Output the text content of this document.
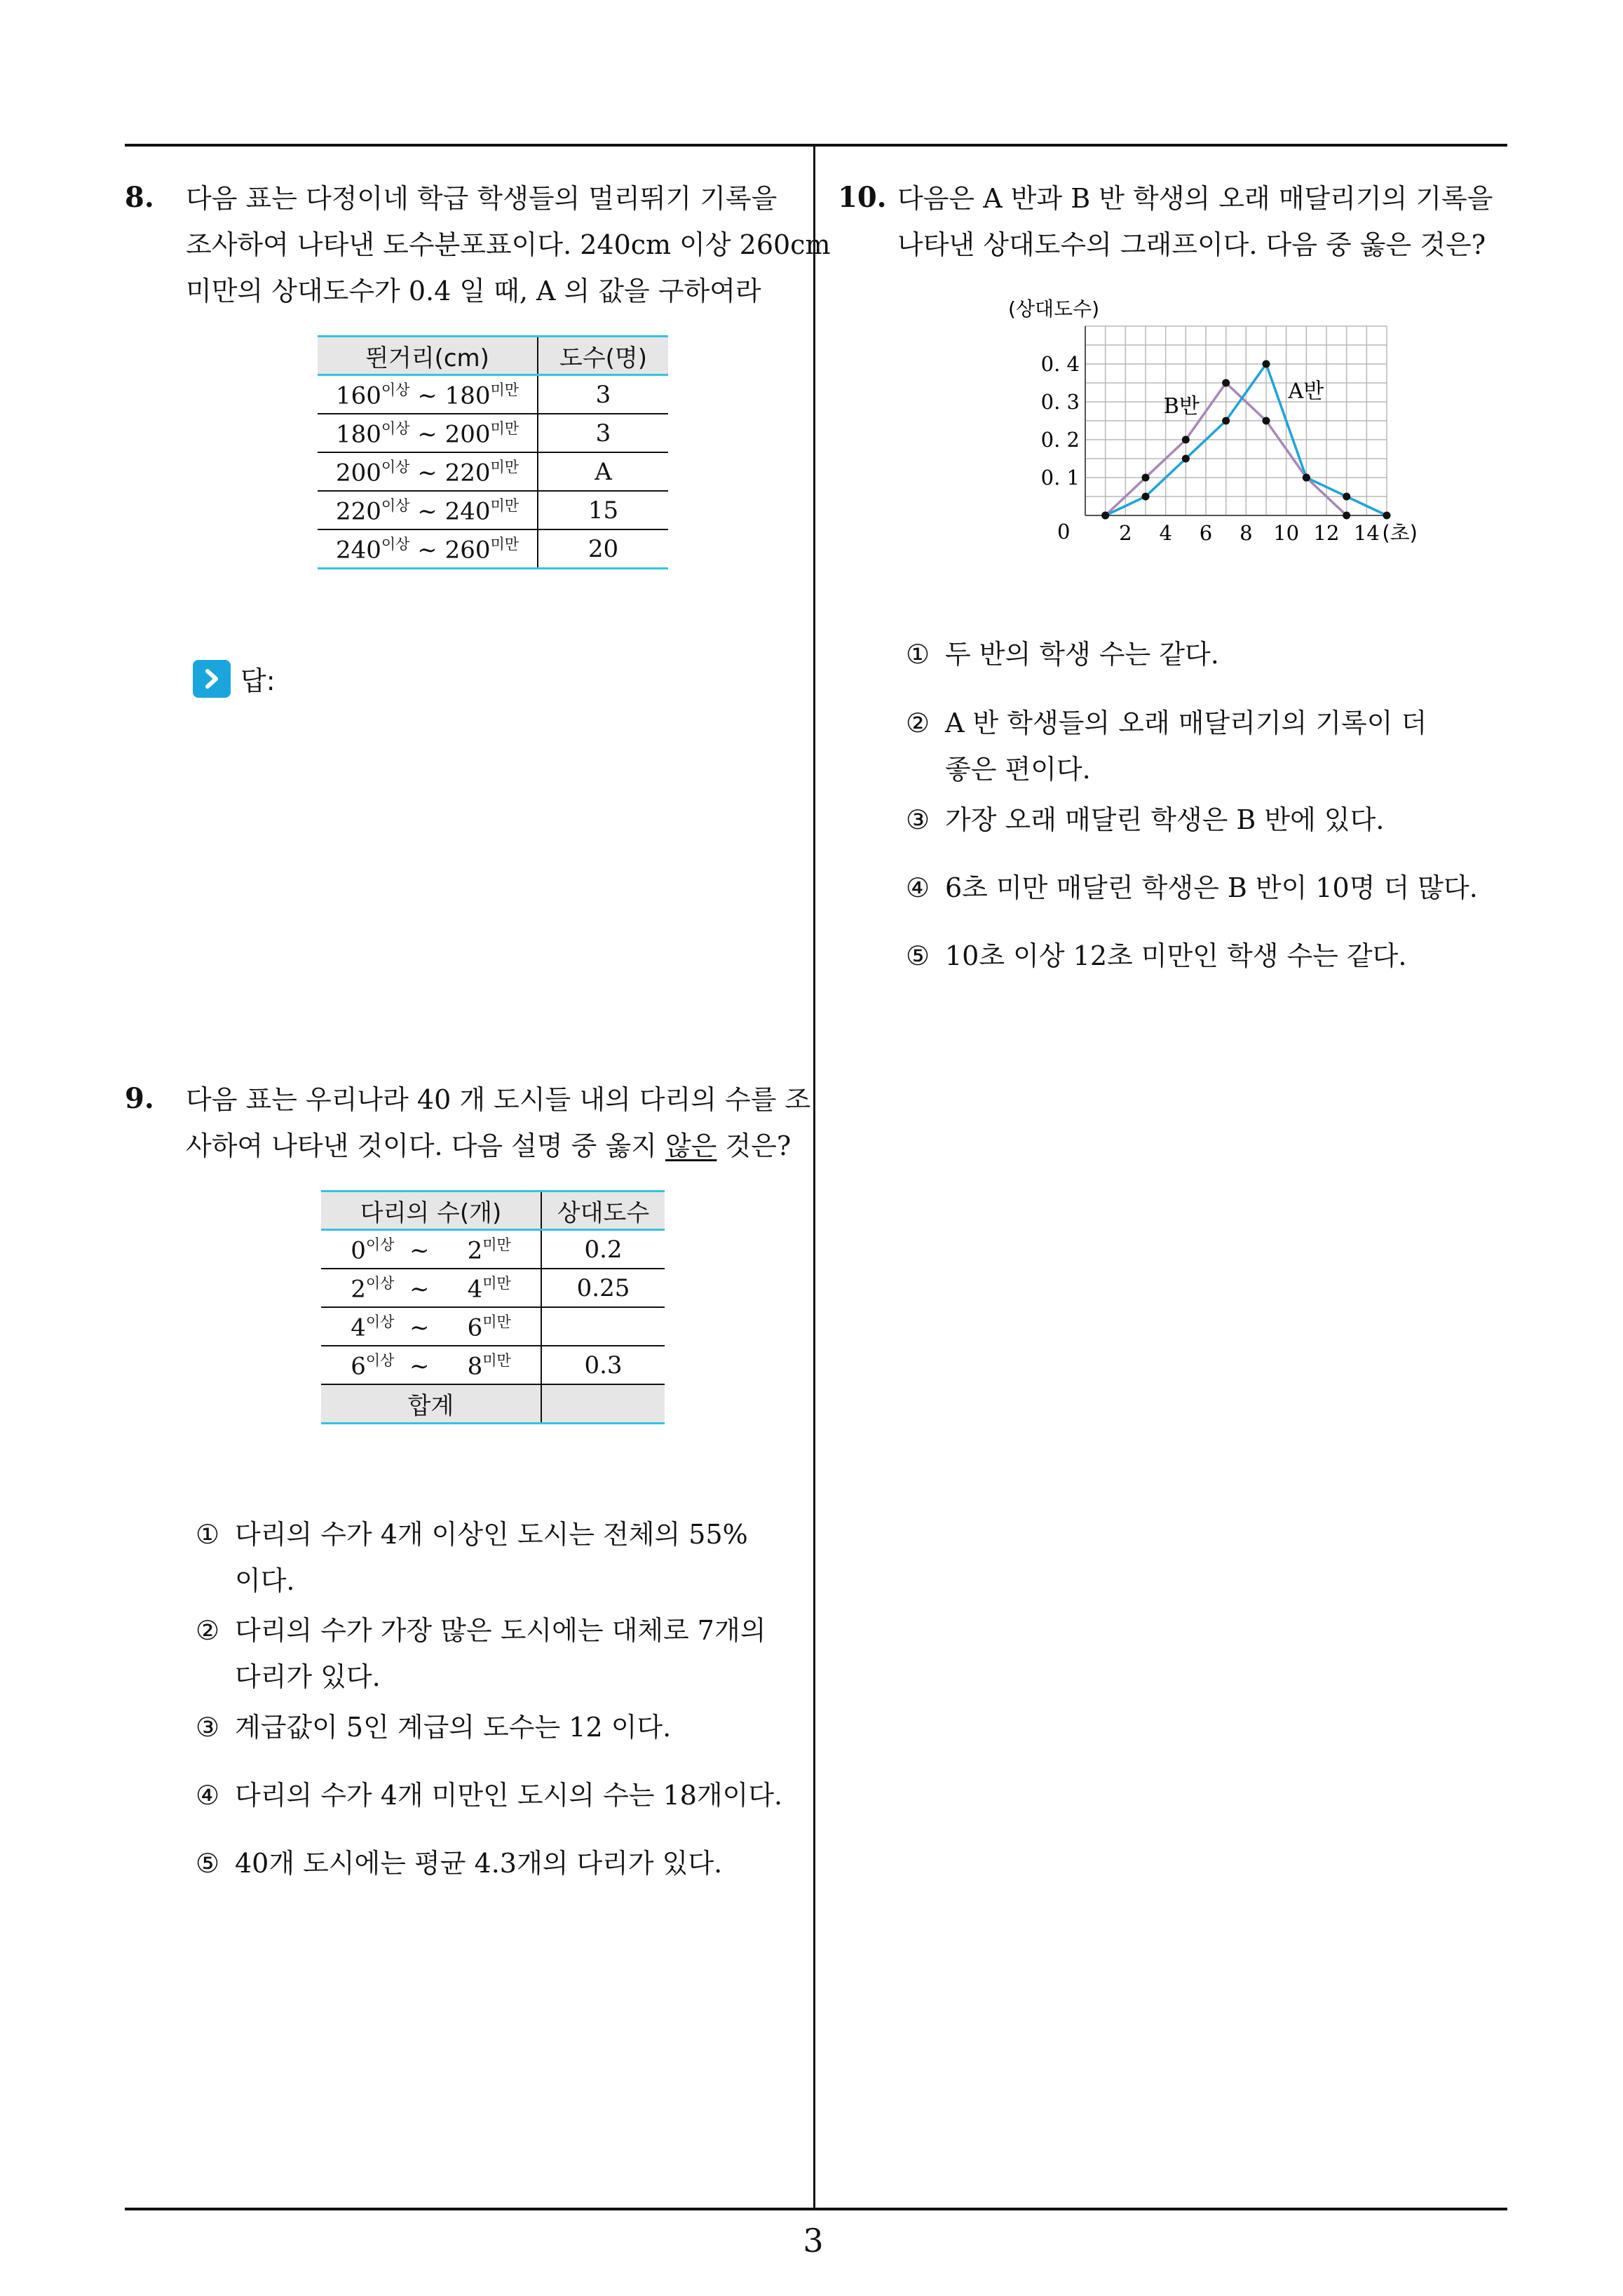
8. 다음 표는 다정이네 학급 학생들의 멀리뛰기 기록을
조사하여 나타낸 도수분포표이다. 240cm 이상 260cm
미만의 상대도수가 0.4 일 때, A 의 값을 구하여라
뛴거리(cm)	도수(명)
$160^{이상}$ ∼ $180^{미만}$	3
$180^{이상}$ ∼ $200^{미만}$	3
$200^{이상}$ ∼ $220^{미만}$	A
$220^{이상}$ ∼ $240^{미만}$	15
$240^{이상}$ ∼ $260^{미만}$	20
답:
9. 다음 표는 우리나라 40 개 도시들 내의 다리의 수를 조
사하여 나타낸 것이다. 다음 설명 중 옳지 않은 것은?
다리의 수(개)	상대도수
$0^{이상}$ ∼ $2^{미만}$	0.2
$2^{이상}$ ∼ $4^{미만}$	0.25
$4^{이상}$ ∼ $6^{미만}$	
$6^{이상}$ ∼ $8^{미만}$	0.3
합계	
① 다리의 수가 4개 이상인 도시는 전체의 55%
이다.
② 다리의 수가 가장 많은 도시에는 대체로 7개의
다리가 있다.
③ 계급값이 5인 계급의 도수는 12 이다.
④ 다리의 수가 4개 미만인 도시의 수는 18개이다.
⑤ 40개 도시에는 평균 4.3개의 다리가 있다.
10. 다음은 A 반과 B 반 학생의 오래 매달리기의 기록을
나타낸 상대도수의 그래프이다. 다음 중 옳은 것은?
(상대도수)
0. 1
0. 2
0. 3
0. 4
0 2 4 6 8 10 12 14 (초)
A반
B반
① 두 반의 학생 수는 같다.
② A 반 학생들의 오래 매달리기의 기록이 더
좋은 편이다.
③ 가장 오래 매달린 학생은 B 반에 있다.
④ 6초 미만 매달린 학생은 B 반이 10명 더 많다.
⑤ 10초 이상 12초 미만인 학생 수는 같다.
3
